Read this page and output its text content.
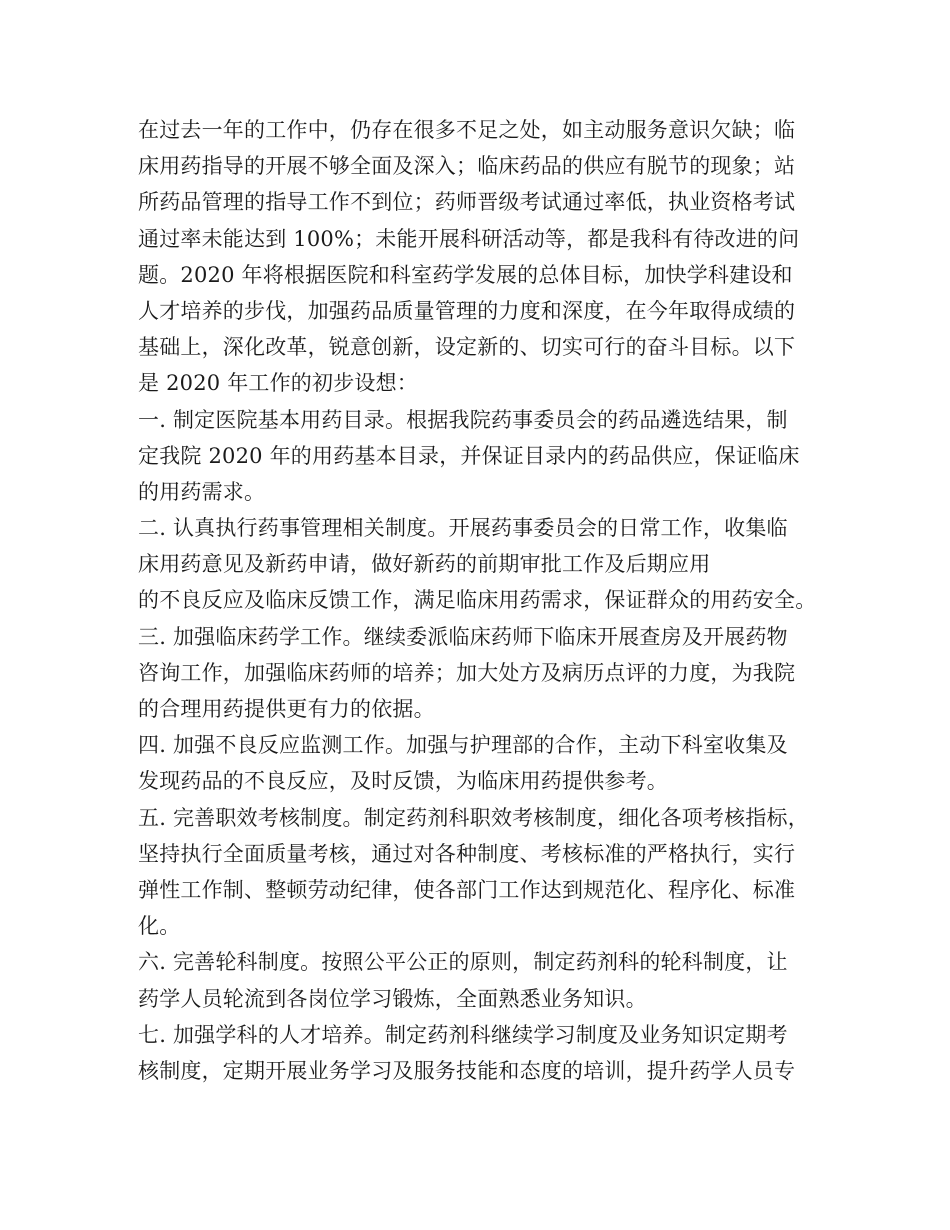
在过去一年的工作中，仍存在很多不足之处，如主动服务意识欠缺；临
床用药指导的开展不够全面及深入；临床药品的供应有脱节的现象；站
所药品管理的指导工作不到位；药师晋级考试通过率低，执业资格考试
通过率未能达到 100%；未能开展科研活动等，都是我科有待改进的问
题。2020 年将根据医院和科室药学发展的总体目标，加快学科建设和
人才培养的步伐，加强药品质量管理的力度和深度，在今年取得成绩的
基础上，深化改革，锐意创新，设定新的、切实可行的奋斗目标。以下
是 2020 年工作的初步设想：
一. 制定医院基本用药目录。根据我院药事委员会的药品遴选结果，制
定我院 2020 年的用药基本目录，并保证目录内的药品供应，保证临床
的用药需求。
二. 认真执行药事管理相关制度。开展药事委员会的日常工作，收集临
床用药意见及新药申请，做好新药的前期审批工作及后期应用
的不良反应及临床反馈工作，满足临床用药需求，保证群众的用药安全。
三. 加强临床药学工作。继续委派临床药师下临床开展查房及开展药物
咨询工作，加强临床药师的培养；加大处方及病历点评的力度，为我院
的合理用药提供更有力的依据。
四. 加强不良反应监测工作。加强与护理部的合作，主动下科室收集及
发现药品的不良反应，及时反馈，为临床用药提供参考。
五. 完善职效考核制度。制定药剂科职效考核制度，细化各项考核指标，
坚持执行全面质量考核，通过对各种制度、考核标准的严格执行，实行
弹性工作制、整顿劳动纪律，使各部门工作达到规范化、程序化、标准
化。
六. 完善轮科制度。按照公平公正的原则，制定药剂科的轮科制度，让
药学人员轮流到各岗位学习锻炼，全面熟悉业务知识。
七. 加强学科的人才培养。制定药剂科继续学习制度及业务知识定期考
核制度，定期开展业务学习及服务技能和态度的培训，提升药学人员专
